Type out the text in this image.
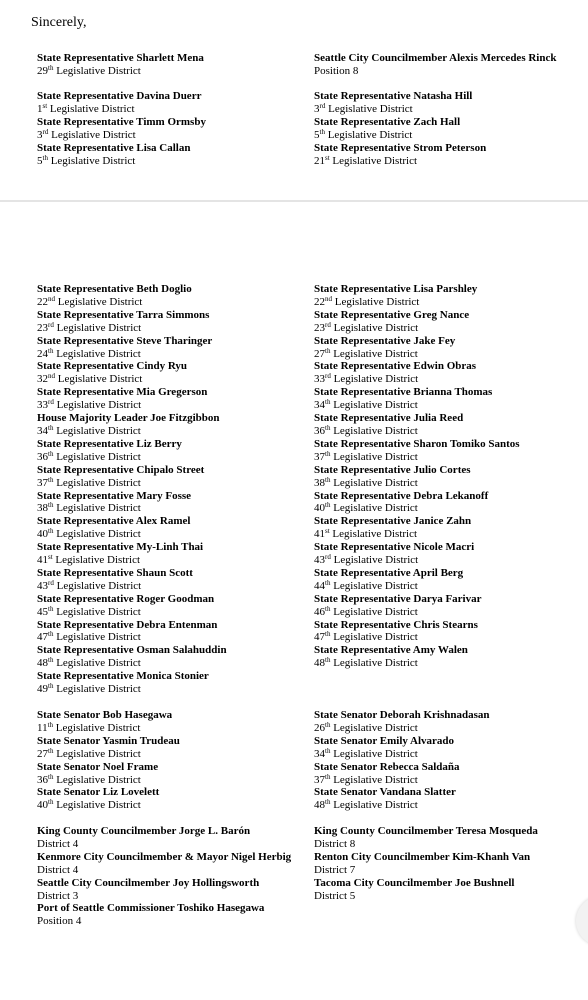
Sincerely,
State Representative Sharlett Mena
29th Legislative District
State Representative Davina Duerr
1st Legislative District
State Representative Timm Ormsby
3rd Legislative District
State Representative Lisa Callan
5th Legislative District
Seattle City Councilmember Alexis Mercedes Rinck
Position 8
State Representative Natasha Hill
3rd Legislative District
State Representative Zach Hall
5th Legislative District
State Representative Strom Peterson
21st Legislative District
State Representative Beth Doglio
22nd Legislative District
State Representative Tarra Simmons
23rd Legislative District
State Representative Steve Tharinger
24th Legislative District
State Representative Cindy Ryu
32nd Legislative District
State Representative Mia Gregerson
33rd Legislative District
House Majority Leader Joe Fitzgibbon
34th Legislative District
State Representative Liz Berry
36th Legislative District
State Representative Chipalo Street
37th Legislative District
State Representative Mary Fosse
38th Legislative District
State Representative Alex Ramel
40th Legislative District
State Representative My-Linh Thai
41st Legislative District
State Representative Shaun Scott
43rd Legislative District
State Representative Roger Goodman
45th Legislative District
State Representative Debra Entenman
47th Legislative District
State Representative Osman Salahuddin
48th Legislative District
State Representative Monica Stonier
49th Legislative District
State Senator Bob Hasegawa
11th Legislative District
State Senator Yasmin Trudeau
27th Legislative District
State Senator Noel Frame
36th Legislative District
State Senator Liz Lovelett
40th Legislative District
King County Councilmember Jorge L. Barón
District 4
Kenmore City Councilmember & Mayor Nigel Herbig
District 4
Seattle City Councilmember Joy Hollingsworth
District 3
Port of Seattle Commissioner Toshiko Hasegawa
Position 4
State Representative Lisa Parshley
22nd Legislative District
State Representative Greg Nance
23rd Legislative District
State Representative Jake Fey
27th Legislative District
State Representative Edwin Obras
33rd Legislative District
State Representative Brianna Thomas
34th Legislative District
State Representative Julia Reed
36th Legislative District
State Representative Sharon Tomiko Santos
37th Legislative District
State Representative Julio Cortes
38th Legislative District
State Representative Debra Lekanoff
40th Legislative District
State Representative Janice Zahn
41st Legislative District
State Representative Nicole Macri
43rd Legislative District
State Representative April Berg
44th Legislative District
State Representative Darya Farivar
46th Legislative District
State Representative Chris Stearns
47th Legislative District
State Representative Amy Walen
48th Legislative District
State Senator Deborah Krishnadasan
26th Legislative District
State Senator Emily Alvarado
34th Legislative District
State Senator Rebecca Saldaña
37th Legislative District
State Senator Vandana Slatter
48th Legislative District
King County Councilmember Teresa Mosqueda
District 8
Renton City Councilmember Kim-Khanh Van
District 7
Tacoma City Councilmember Joe Bushnell
District 5
